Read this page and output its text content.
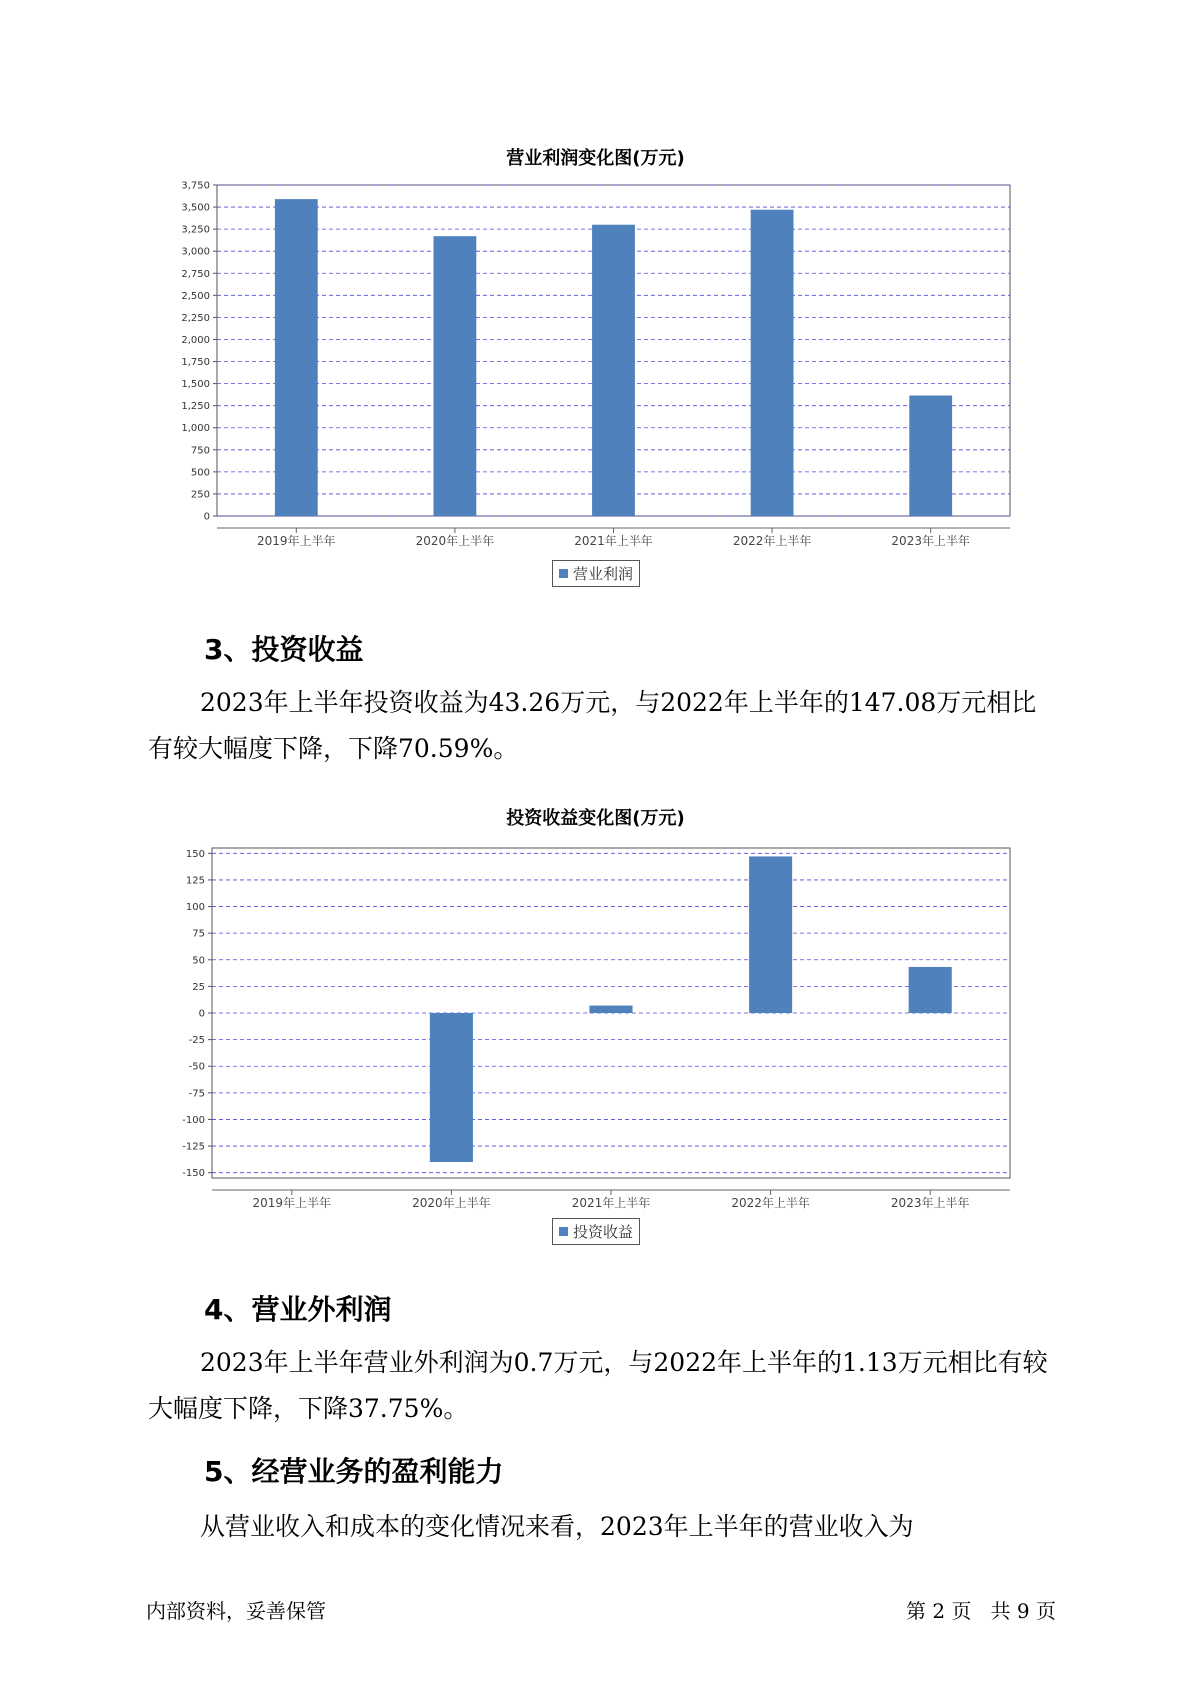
营业利润变化图(万元)
0
250
500
750
1,000
1,250
1,500
1,750
2,000
2,250
2,500
2,750
3,000
3,250
3,500
3,750
2019年上半年	2020年上半年	2021年上半年	2022年上半年	2023年上半年
营业利润
3、投资收益

2023年上半年投资收益为43.26万元，与2022年上半年的147.08万元相比有较大幅度下降，下降70.59%。

投资收益变化图(万元)
-150
-125
-100
-75
-50
-25
0
25
50
75
100
125
150
2019年上半年	2020年上半年	2021年上半年	2022年上半年	2023年上半年
投资收益
4、营业外利润

2023年上半年营业外利润为0.7万元，与2022年上半年的1.13万元相比有较大幅度下降，下降37.75%。

5、经营业务的盈利能力

从营业收入和成本的变化情况来看，2023年上半年的营业收入为

内部资料，妥善保管	第 2 页   共 9 页
